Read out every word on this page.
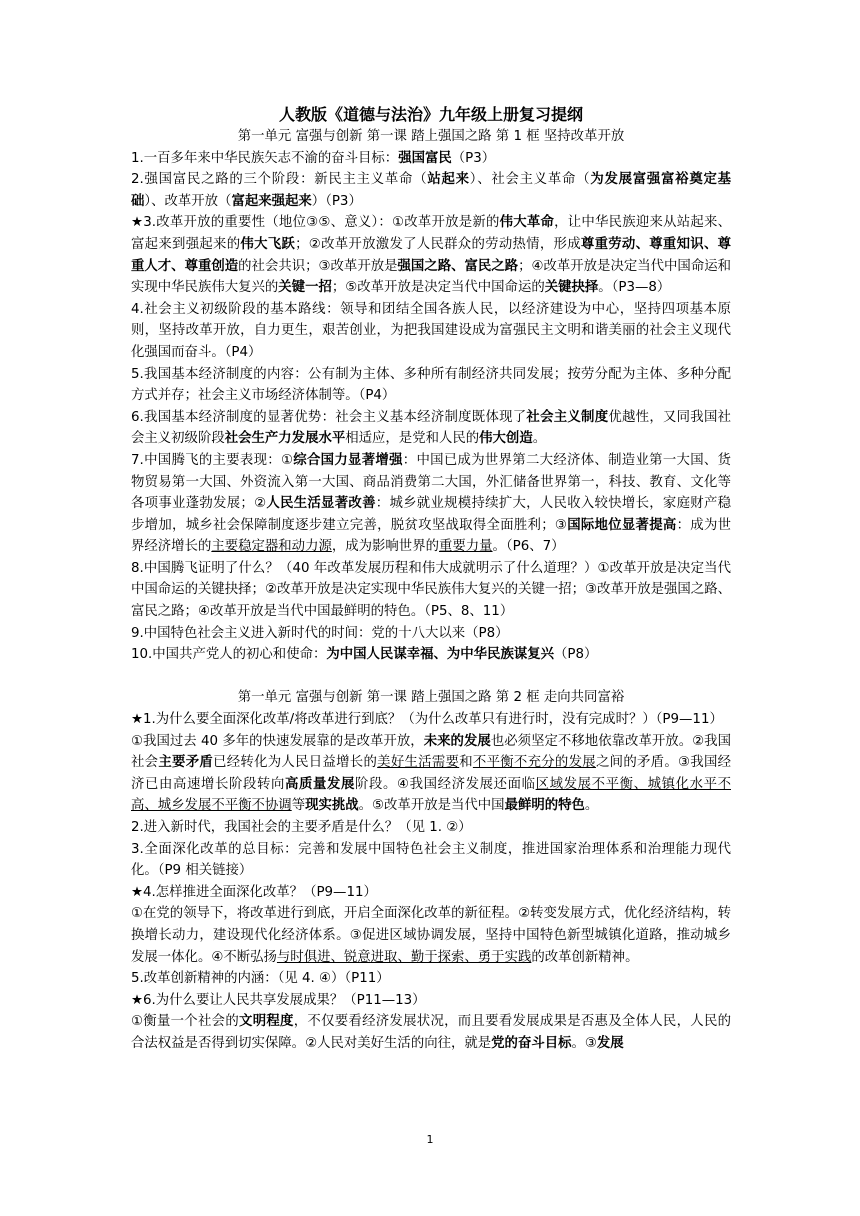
人教版《道德与法治》九年级上册复习提纲

第一单元 富强与创新 第一课 踏上强国之路 第 1 框 坚持改革开放

1.一百多年来中华民族矢志不渝的奋斗目标：强国富民（P3）

2.强国富民之路的三个阶段：新民主主义革命（站起来）、社会主义革命（为发展富强富裕奠定基础）、改革开放（富起来强起来）（P3）

★3.改革开放的重要性（地位③⑤、意义）：①改革开放是新的伟大革命，让中华民族迎来从站起来、富起来到强起来的伟大飞跃；②改革开放激发了人民群众的劳动热情，形成尊重劳动、尊重知识、尊重人才、尊重创造的社会共识；③改革开放是强国之路、富民之路；④改革开放是决定当代中国命运和实现中华民族伟大复兴的关键一招；⑤改革开放是决定当代中国命运的关键抉择。（P3—8）

4.社会主义初级阶段的基本路线：领导和团结全国各族人民，以经济建设为中心，坚持四项基本原则，坚持改革开放，自力更生，艰苦创业，为把我国建设成为富强民主文明和谐美丽的社会主义现代化强国而奋斗。（P4）

5.我国基本经济制度的内容：公有制为主体、多种所有制经济共同发展；按劳分配为主体、多种分配方式并存；社会主义市场经济体制等。（P4）

6.我国基本经济制度的显著优势：社会主义基本经济制度既体现了社会主义制度优越性，又同我国社会主义初级阶段社会生产力发展水平相适应，是党和人民的伟大创造。

7.中国腾飞的主要表现：①综合国力显著增强：中国已成为世界第二大经济体、制造业第一大国、货物贸易第一大国、外资流入第一大国、商品消费第二大国，外汇储备世界第一，科技、教育、文化等各项事业蓬勃发展；②人民生活显著改善：城乡就业规模持续扩大，人民收入较快增长，家庭财产稳步增加，城乡社会保障制度逐步建立完善，脱贫攻坚战取得全面胜利；③国际地位显著提高：成为世界经济增长的主要稳定器和动力源，成为影响世界的重要力量。（P6、7）

8.中国腾飞证明了什么？（40 年改革发展历程和伟大成就明示了什么道理？）①改革开放是决定当代中国命运的关键抉择；②改革开放是决定实现中华民族伟大复兴的关键一招；③改革开放是强国之路、富民之路；④改革开放是当代中国最鲜明的特色。（P5、8、11）

9.中国特色社会主义进入新时代的时间：党的十八大以来（P8）

10.中国共产党人的初心和使命：为中国人民谋幸福、为中华民族谋复兴（P8）

第一单元 富强与创新 第一课 踏上强国之路 第 2 框 走向共同富裕

★1.为什么要全面深化改革/将改革进行到底？（为什么改革只有进行时，没有完成时？）（P9—11）

①我国过去 40 多年的快速发展靠的是改革开放，未来的发展也必须坚定不移地依靠改革开放。②我国社会主要矛盾已经转化为人民日益增长的美好生活需要和不平衡不充分的发展之间的矛盾。③我国经济已由高速增长阶段转向高质量发展阶段。④我国经济发展还面临区域发展不平衡、城镇化水平不高、城乡发展不平衡不协调等现实挑战。⑤改革开放是当代中国最鲜明的特色。

2.进入新时代，我国社会的主要矛盾是什么？（见 1. ②）

3.全面深化改革的总目标：完善和发展中国特色社会主义制度，推进国家治理体系和治理能力现代化。（P9 相关链接）

★4.怎样推进全面深化改革？（P9—11）

①在党的领导下，将改革进行到底，开启全面深化改革的新征程。②转变发展方式，优化经济结构，转换增长动力，建设现代化经济体系。③促进区域协调发展，坚持中国特色新型城镇化道路，推动城乡发展一体化。④不断弘扬与时俱进、锐意进取、勤于探索、勇于实践的改革创新精神。

5.改革创新精神的内涵：（见 4. ④）（P11）

★6.为什么要让人民共享发展成果？（P11—13）

①衡量一个社会的文明程度，不仅要看经济发展状况，而且要看发展成果是否惠及全体人民，人民的合法权益是否得到切实保障。②人民对美好生活的向往，就是党的奋斗目标。③发展

1
